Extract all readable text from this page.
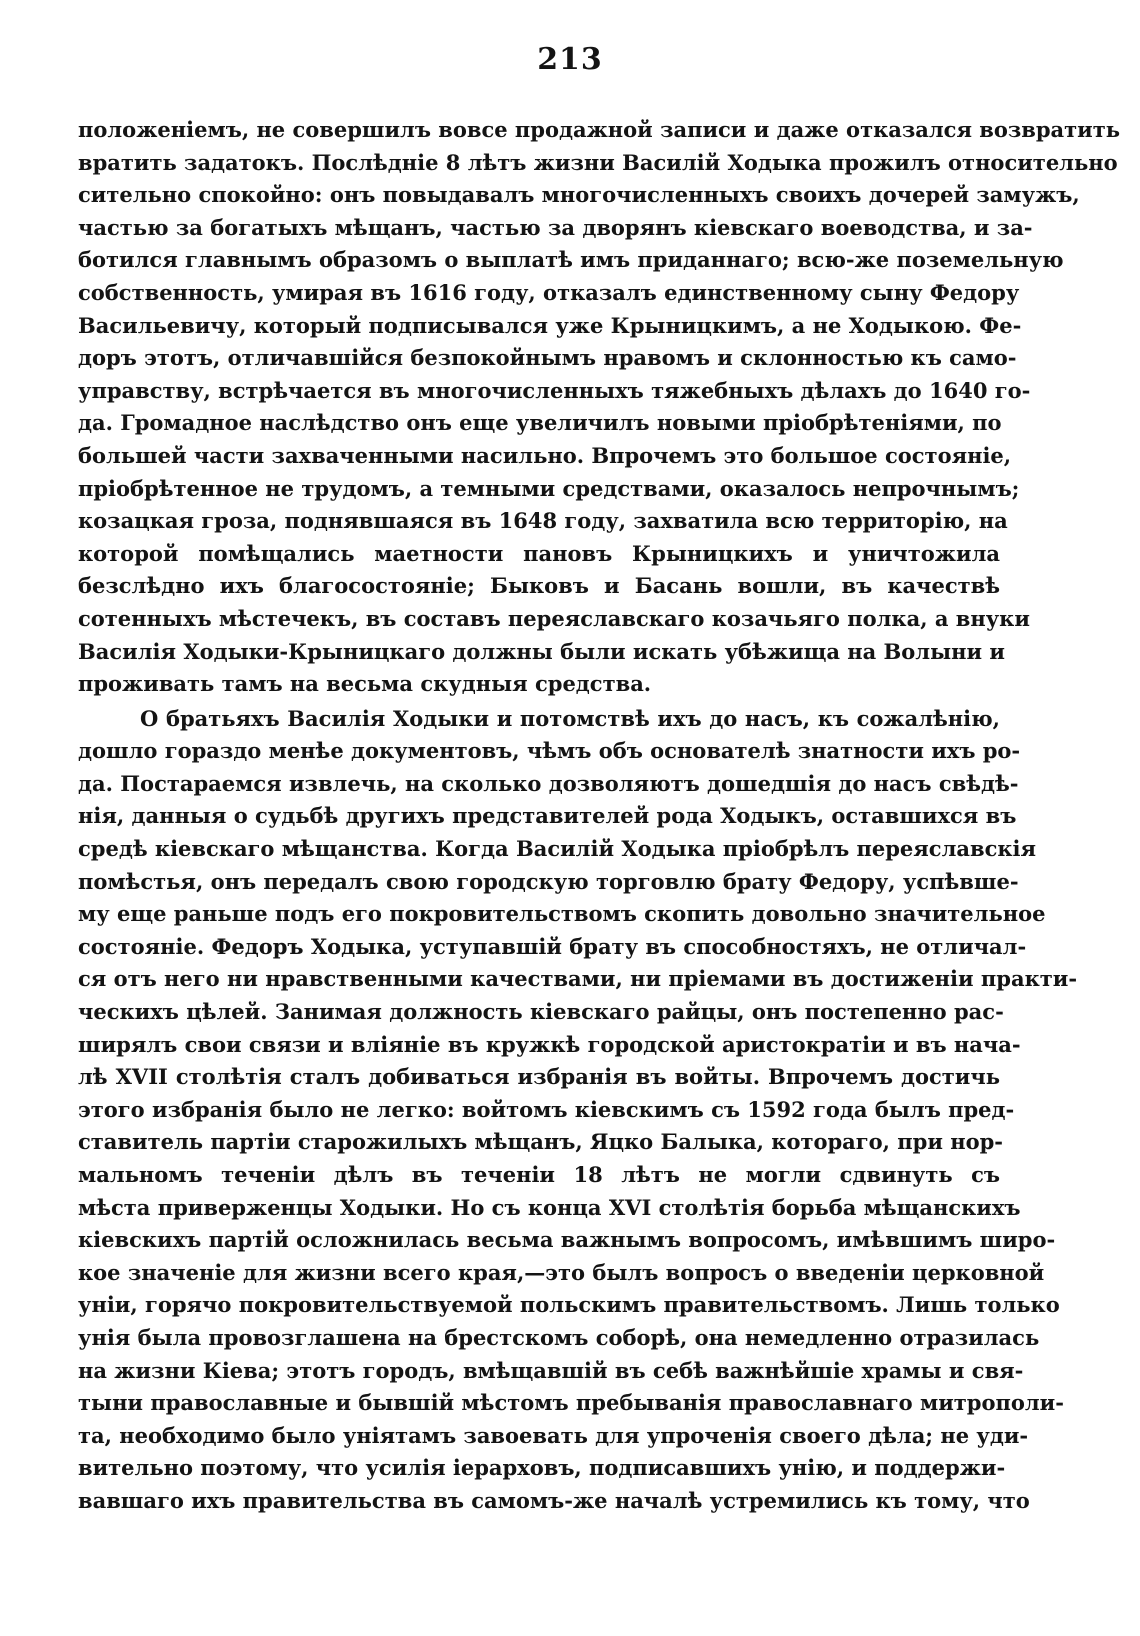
213
положеніемъ, не совершилъ вовсе продажной записи и даже отказался возвратить
вратить задатокъ. Послѣдніе 8 лѣтъ жизни Василій Ходыка прожилъ относительно
сительно спокойно: онъ повыдавалъ многочисленныхъ своихъ дочерей замужъ,
частью за богатыхъ мѣщанъ, частью за дворянъ кіевскаго воеводства, и за-
ботился главнымъ образомъ о выплатѣ имъ приданнаго; всю-же поземельную
собственность, умирая въ 1616 году, отказалъ единственному сыну Федору
Васильевичу, который подписывался уже Крыницкимъ, а не Ходыкою. Фе-
доръ этотъ, отличавшійся безпокойнымъ нравомъ и склонностью къ само-
управству, встрѣчается въ многочисленныхъ тяжебныхъ дѣлахъ до 1640 го-
да. Громадное наслѣдство онъ еще увеличилъ новыми пріобрѣтеніями, по
большей части захваченными насильно. Впрочемъ это большое состояніе,
пріобрѣтенное не трудомъ, а темными средствами, оказалось непрочнымъ;
козацкая гроза, поднявшаяся въ 1648 году, захватила всю территорію, на
которой помѣщались маетности пановъ Крыницкихъ и уничтожила
безслѣдно ихъ благосостояніе; Быковъ и Басань вошли, въ качествѣ
сотенныхъ мѣстечекъ, въ составъ переяславскаго козачьяго полка, а внуки
Василія Ходыки-Крыницкаго должны были искать убѣжища на Волыни и
проживать тамъ на весьма скудныя средства.
О братьяхъ Василія Ходыки и потомствѣ ихъ до насъ, къ сожалѣнію,
дошло гораздо менѣе документовъ, чѣмъ объ основателѣ знатности ихъ ро-
да. Постараемся извлечь, на сколько дозволяютъ дошедшія до насъ свѣдѣ-
нія, данныя о судьбѣ другихъ представителей рода Ходыкъ, оставшихся въ
средѣ кіевскаго мѣщанства. Когда Василій Ходыка пріобрѣлъ переяславскія
помѣстья, онъ передалъ свою городскую торговлю брату Федору, успѣвше-
му еще раньше подъ его покровительствомъ скопить довольно значительное
состояніе. Федоръ Ходыка, уступавшій брату въ способностяхъ, не отличал-
ся отъ него ни нравственными качествами, ни пріемами въ достиженіи практи-
ческихъ цѣлей. Занимая должность кіевскаго райцы, онъ постепенно рас-
ширялъ свои связи и вліяніе въ кружкѣ городской аристократіи и въ нача-
лѣ XVII столѣтія сталъ добиваться избранія въ войты. Впрочемъ достичь
этого избранія было не легко: войтомъ кіевскимъ съ 1592 года былъ пред-
ставитель партіи старожилыхъ мѣщанъ, Яцко Балыка, котораго, при нор-
мальномъ теченіи дѣлъ въ теченіи 18 лѣтъ не могли сдвинуть съ
мѣста приверженцы Ходыки. Но съ конца XVI столѣтія борьба мѣщанскихъ
кіевскихъ партій осложнилась весьма важнымъ вопросомъ, имѣвшимъ широ-
кое значеніе для жизни всего края,—это былъ вопросъ о введеніи церковной
уніи, горячо покровительствуемой польскимъ правительствомъ. Лишь только
унія была провозглашена на брестскомъ соборѣ, она немедленно отразилась
на жизни Кіева; этотъ городъ, вмѣщавшій въ себѣ важнѣйшіе храмы и свя-
тыни православные и бывшій мѣстомъ пребыванія православнаго митрополи-
та, необходимо было уніятамъ завоевать для упроченія своего дѣла; не уди-
вительно поэтому, что усилія іерарховъ, подписавшихъ унію, и поддержи-
вавшаго ихъ правительства въ самомъ-же началѣ устремились къ тому, что
